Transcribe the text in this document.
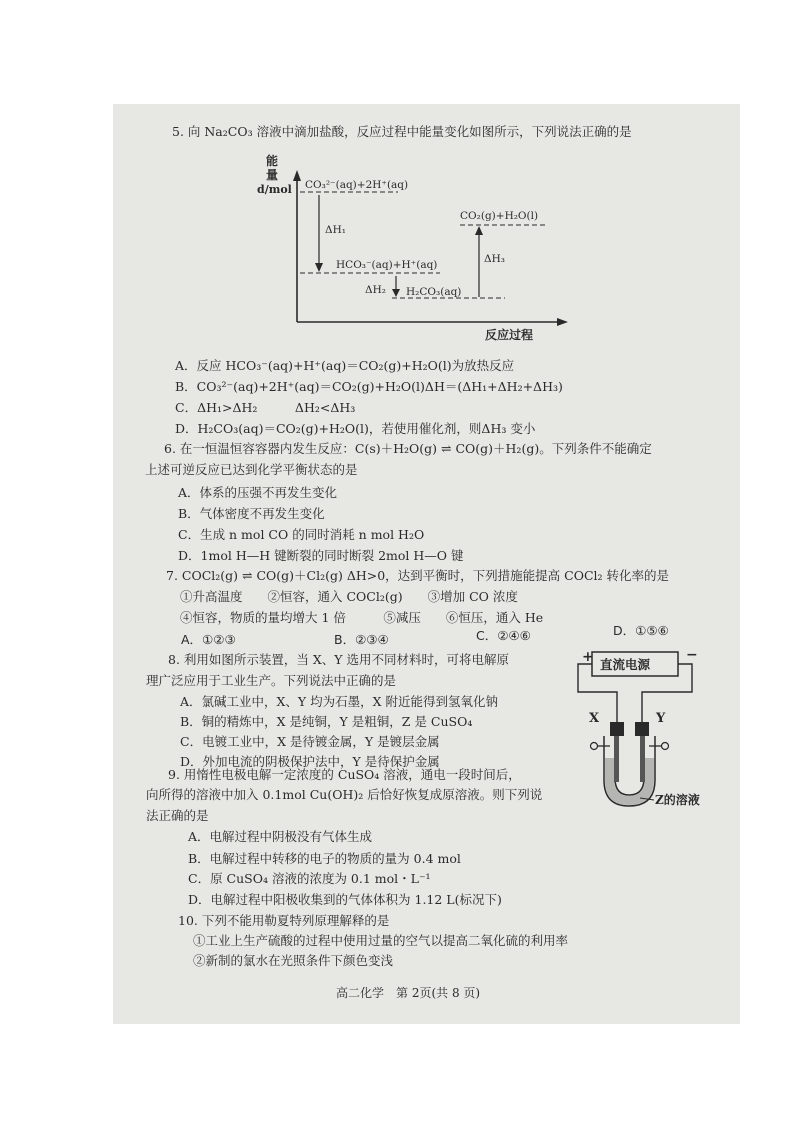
5. 向 Na₂CO₃ 溶液中滴加盐酸，反应过程中能量变化如图所示，下列说法正确的是
能
量
d/mol
反应过程
CO₃²⁻(aq)+2H⁺(aq)
HCO₃⁻(aq)+H⁺(aq)
H₂CO₃(aq)
CO₂(g)+H₂O(l)
ΔH₁
ΔH₂
ΔH₃
A．反应 HCO₃⁻(aq)+H⁺(aq)＝CO₂(g)+H₂O(l)为放热反应
B．CO₃²⁻(aq)+2H⁺(aq)＝CO₂(g)+H₂O(l)ΔH＝(ΔH₁+ΔH₂+ΔH₃)
C．ΔH₁>ΔH₂　　　ΔH₂<ΔH₃
D．H₂CO₃(aq)＝CO₂(g)+H₂O(l)，若使用催化剂，则ΔH₃ 变小
6. 在一恒温恒容容器内发生反应：C(s)＋H₂O(g) ⇌ CO(g)＋H₂(g)。下列条件不能确定
上述可逆反应已达到化学平衡状态的是
A．体系的压强不再发生变化
B．气体密度不再发生变化
C．生成 n mol CO 的同时消耗 n mol H₂O
D．1mol H—H 键断裂的同时断裂 2mol H—O 键
7. COCl₂(g) ⇌ CO(g)＋Cl₂(g) ΔH>0，达到平衡时，下列措施能提高 COCl₂ 转化率的是
①升高温度　　②恒容，通入 COCl₂(g)　　③增加 CO 浓度
④恒容，物质的量均增大 1 倍　　　⑤减压　　⑥恒压，通入 He
A．①②③	B．②③④	C．②④⑥	D．①⑤⑥
8. 利用如图所示装置，当 X、Y 选用不同材料时，可将电解原
理广泛应用于工业生产。下列说法中正确的是
A．氯碱工业中，X、Y 均为石墨，X 附近能得到氢氧化钠
B．铜的精炼中，X 是纯铜，Y 是粗铜，Z 是 CuSO₄
C．电镀工业中，X 是待镀金属，Y 是镀层金属
D．外加电流的阴极保护法中，Y 是待保护金属
+	−
直流电源
X	Y
Z的溶液
9. 用惰性电极电解一定浓度的 CuSO₄ 溶液，通电一段时间后，
向所得的溶液中加入 0.1mol Cu(OH)₂ 后恰好恢复成原溶液。则下列说
法正确的是
A．电解过程中阴极没有气体生成
B．电解过程中转移的电子的物质的量为 0.4 mol
C．原 CuSO₄ 溶液的浓度为 0.1 mol・L⁻¹
D．电解过程中阳极收集到的气体体积为 1.12 L(标况下)
10. 下列不能用勒夏特列原理解释的是
①工业上生产硫酸的过程中使用过量的空气以提高二氧化硫的利用率
②新制的氯水在光照条件下颜色变浅
高二化学　第 2页(共 8 页)
